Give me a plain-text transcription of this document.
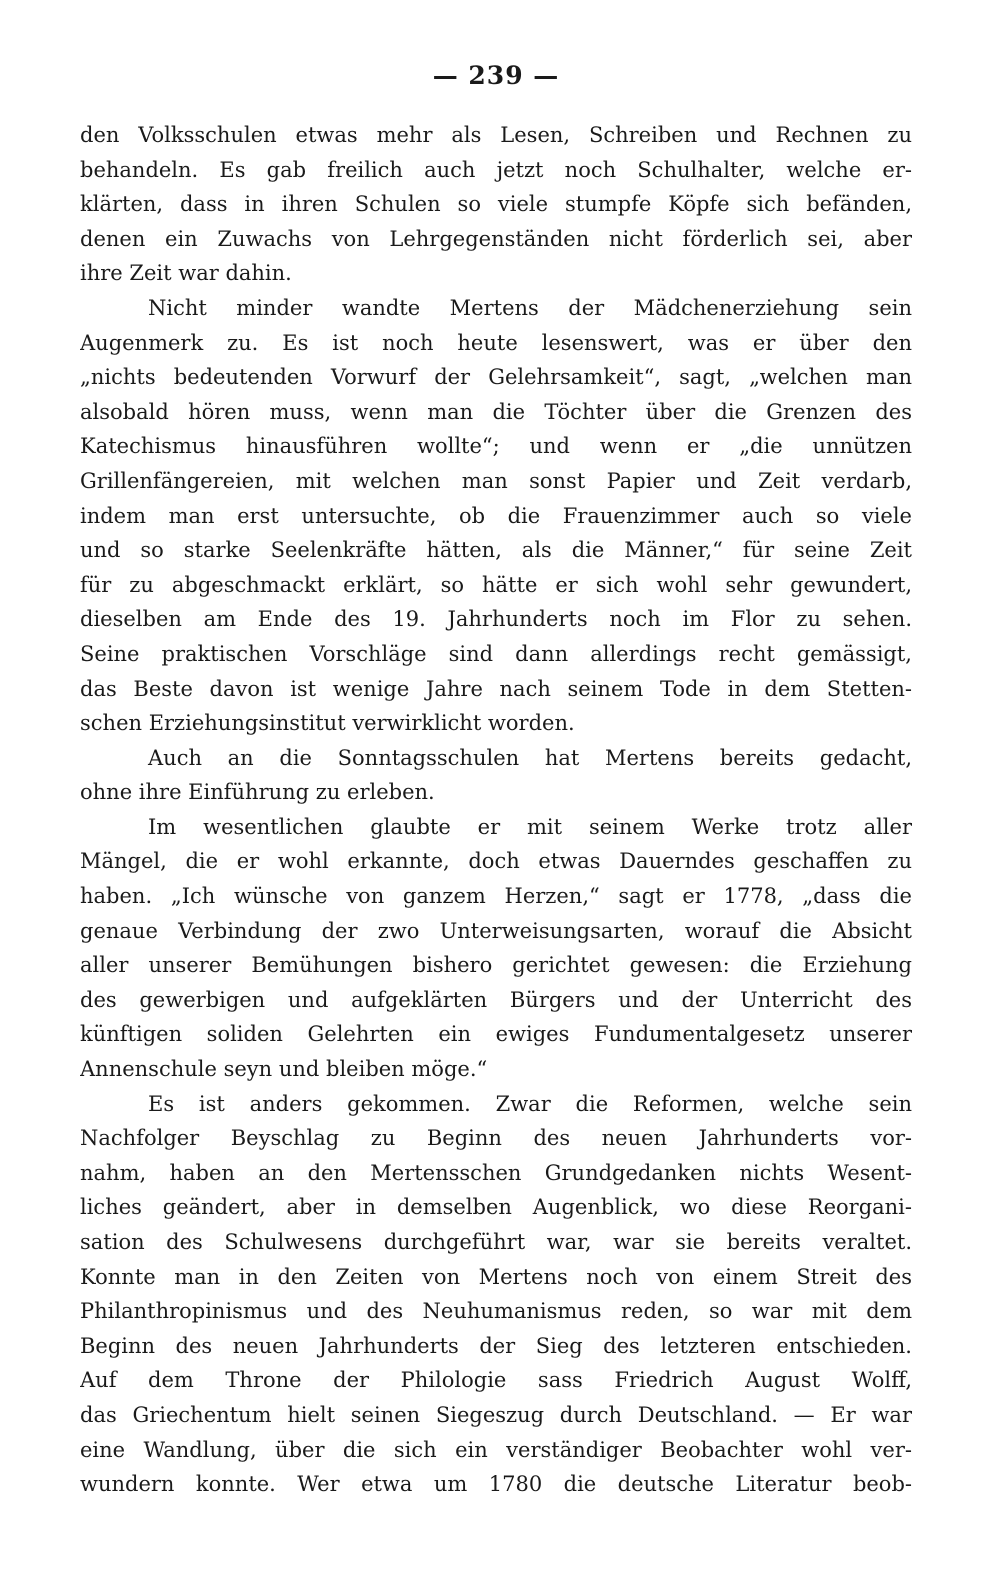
— 239 —
den Volksschulen etwas mehr als Lesen, Schreiben und Rechnen zu
behandeln. Es gab freilich auch jetzt noch Schulhalter, welche er-
klärten, dass in ihren Schulen so viele stumpfe Köpfe sich befänden,
denen ein Zuwachs von Lehrgegenständen nicht förderlich sei, aber
ihre Zeit war dahin.
Nicht minder wandte Mertens der Mädchenerziehung sein
Augenmerk zu. Es ist noch heute lesenswert, was er über den
„nichts bedeutenden Vorwurf der Gelehrsamkeit“, sagt, „welchen man
alsobald hören muss, wenn man die Töchter über die Grenzen des
Katechismus hinausführen wollte“; und wenn er „die unnützen
Grillenfängereien, mit welchen man sonst Papier und Zeit verdarb,
indem man erst untersuchte, ob die Frauenzimmer auch so viele
und so starke Seelenkräfte hätten, als die Männer,“ für seine Zeit
für zu abgeschmackt erklärt, so hätte er sich wohl sehr gewundert,
dieselben am Ende des 19. Jahrhunderts noch im Flor zu sehen.
Seine praktischen Vorschläge sind dann allerdings recht gemässigt,
das Beste davon ist wenige Jahre nach seinem Tode in dem Stetten-
schen Erziehungsinstitut verwirklicht worden.
Auch an die Sonntagsschulen hat Mertens bereits gedacht,
ohne ihre Einführung zu erleben.
Im wesentlichen glaubte er mit seinem Werke trotz aller
Mängel, die er wohl erkannte, doch etwas Dauerndes geschaffen zu
haben. „Ich wünsche von ganzem Herzen,“ sagt er 1778, „dass die
genaue Verbindung der zwo Unterweisungsarten, worauf die Absicht
aller unserer Bemühungen bishero gerichtet gewesen: die Erziehung
des gewerbigen und aufgeklärten Bürgers und der Unterricht des
künftigen soliden Gelehrten ein ewiges Fundumentalgesetz unserer
Annenschule seyn und bleiben möge.“
Es ist anders gekommen. Zwar die Reformen, welche sein
Nachfolger Beyschlag zu Beginn des neuen Jahrhunderts vor-
nahm, haben an den Mertensschen Grundgedanken nichts Wesent-
liches geändert, aber in demselben Augenblick, wo diese Reorgani-
sation des Schulwesens durchgeführt war, war sie bereits veraltet.
Konnte man in den Zeiten von Mertens noch von einem Streit des
Philanthropinismus und des Neuhumanismus reden, so war mit dem
Beginn des neuen Jahrhunderts der Sieg des letzteren entschieden.
Auf dem Throne der Philologie sass Friedrich August Wolff,
das Griechentum hielt seinen Siegeszug durch Deutschland. — Er war
eine Wandlung, über die sich ein verständiger Beobachter wohl ver-
wundern konnte. Wer etwa um 1780 die deutsche Literatur beob-
